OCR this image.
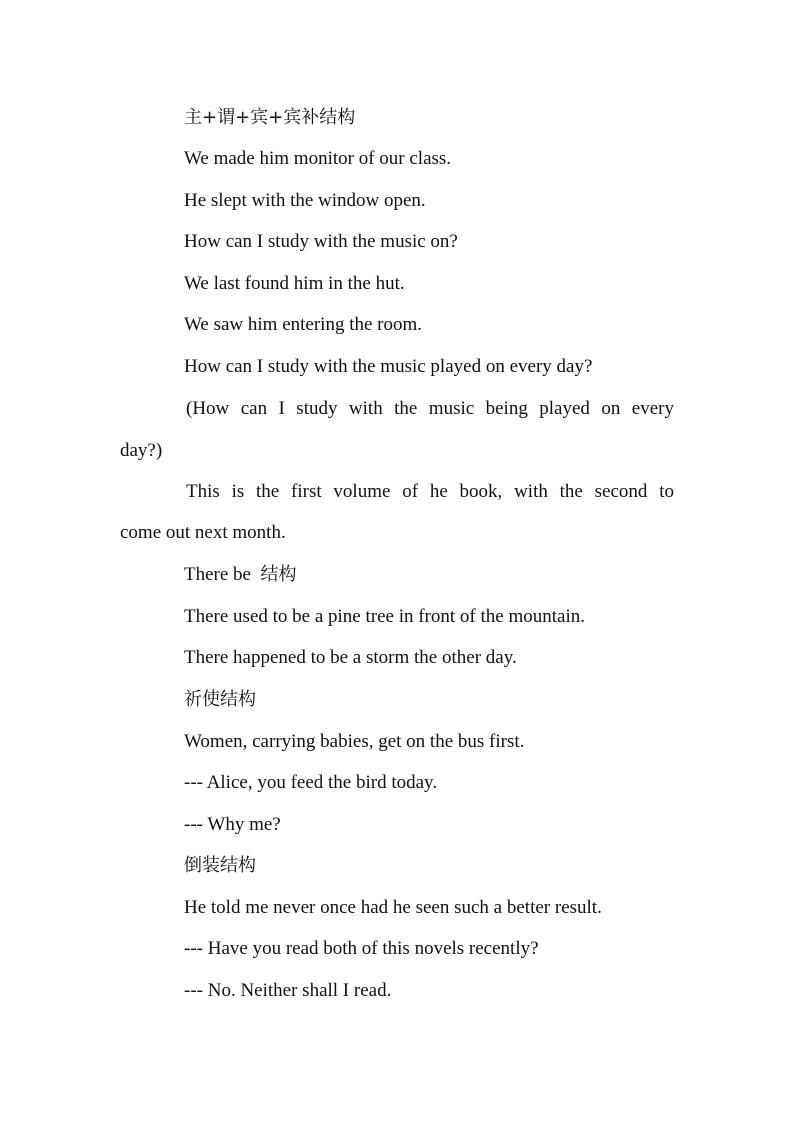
主+谓+宾+宾补结构
We made him monitor of our class.
He slept with the window open.
How can I study with the music on?
We last found him in the hut.
We saw him entering the room.
How can I study with the music played on every day?
(How can I study with the music being played on every
day?)
This is the first volume of he book, with the second to
come out next month.
There be 结构
There used to be a pine tree in front of the mountain.
There happened to be a storm the other day.
祈使结构
Women, carrying babies, get on the bus first.
--- Alice, you feed the bird today.
--- Why me?
倒装结构
He told me never once had he seen such a better result.
--- Have you read both of this novels recently?
--- No. Neither shall I read.
